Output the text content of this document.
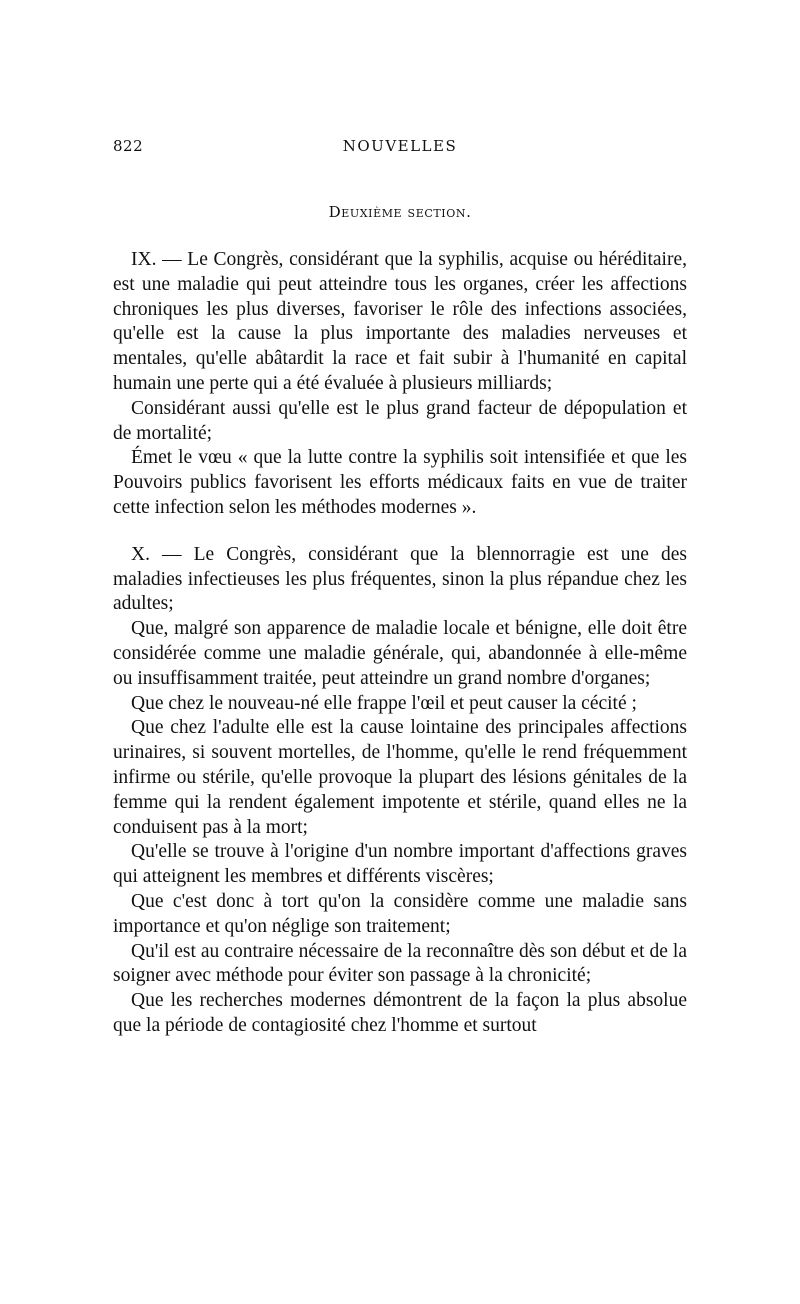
822	NOUVELLES
Deuxième section.

IX. — Le Congrès, considérant que la syphilis, acquise ou héréditaire, est une maladie qui peut atteindre tous les organes, créer les affections chroniques les plus diverses, favoriser le rôle des infections associées, qu'elle est la cause la plus importante des maladies nerveuses et mentales, qu'elle abâtardit la race et fait subir à l'humanité en capital humain une perte qui a été évaluée à plusieurs milliards;

Considérant aussi qu'elle est le plus grand facteur de dépopulation et de mortalité;

Émet le vœu « que la lutte contre la syphilis soit intensifiée et que les Pouvoirs publics favorisent les efforts médicaux faits en vue de traiter cette infection selon les méthodes modernes ».

X. — Le Congrès, considérant que la blennorragie est une des maladies infectieuses les plus fréquentes, sinon la plus répandue chez les adultes;

Que, malgré son apparence de maladie locale et bénigne, elle doit être considérée comme une maladie générale, qui, abandonnée à elle-même ou insuffisamment traitée, peut atteindre un grand nombre d'organes;

Que chez le nouveau-né elle frappe l'œil et peut causer la cécité ;

Que chez l'adulte elle est la cause lointaine des principales affections urinaires, si souvent mortelles, de l'homme, qu'elle le rend fréquemment infirme ou stérile, qu'elle provoque la plupart des lésions génitales de la femme qui la rendent également impotente et stérile, quand elles ne la conduisent pas à la mort;

Qu'elle se trouve à l'origine d'un nombre important d'affections graves qui atteignent les membres et différents viscères;

Que c'est donc à tort qu'on la considère comme une maladie sans importance et qu'on néglige son traitement;

Qu'il est au contraire nécessaire de la reconnaître dès son début et de la soigner avec méthode pour éviter son passage à la chronicité;

Que les recherches modernes démontrent de la façon la plus absolue que la période de contagiosité chez l'homme et surtout
